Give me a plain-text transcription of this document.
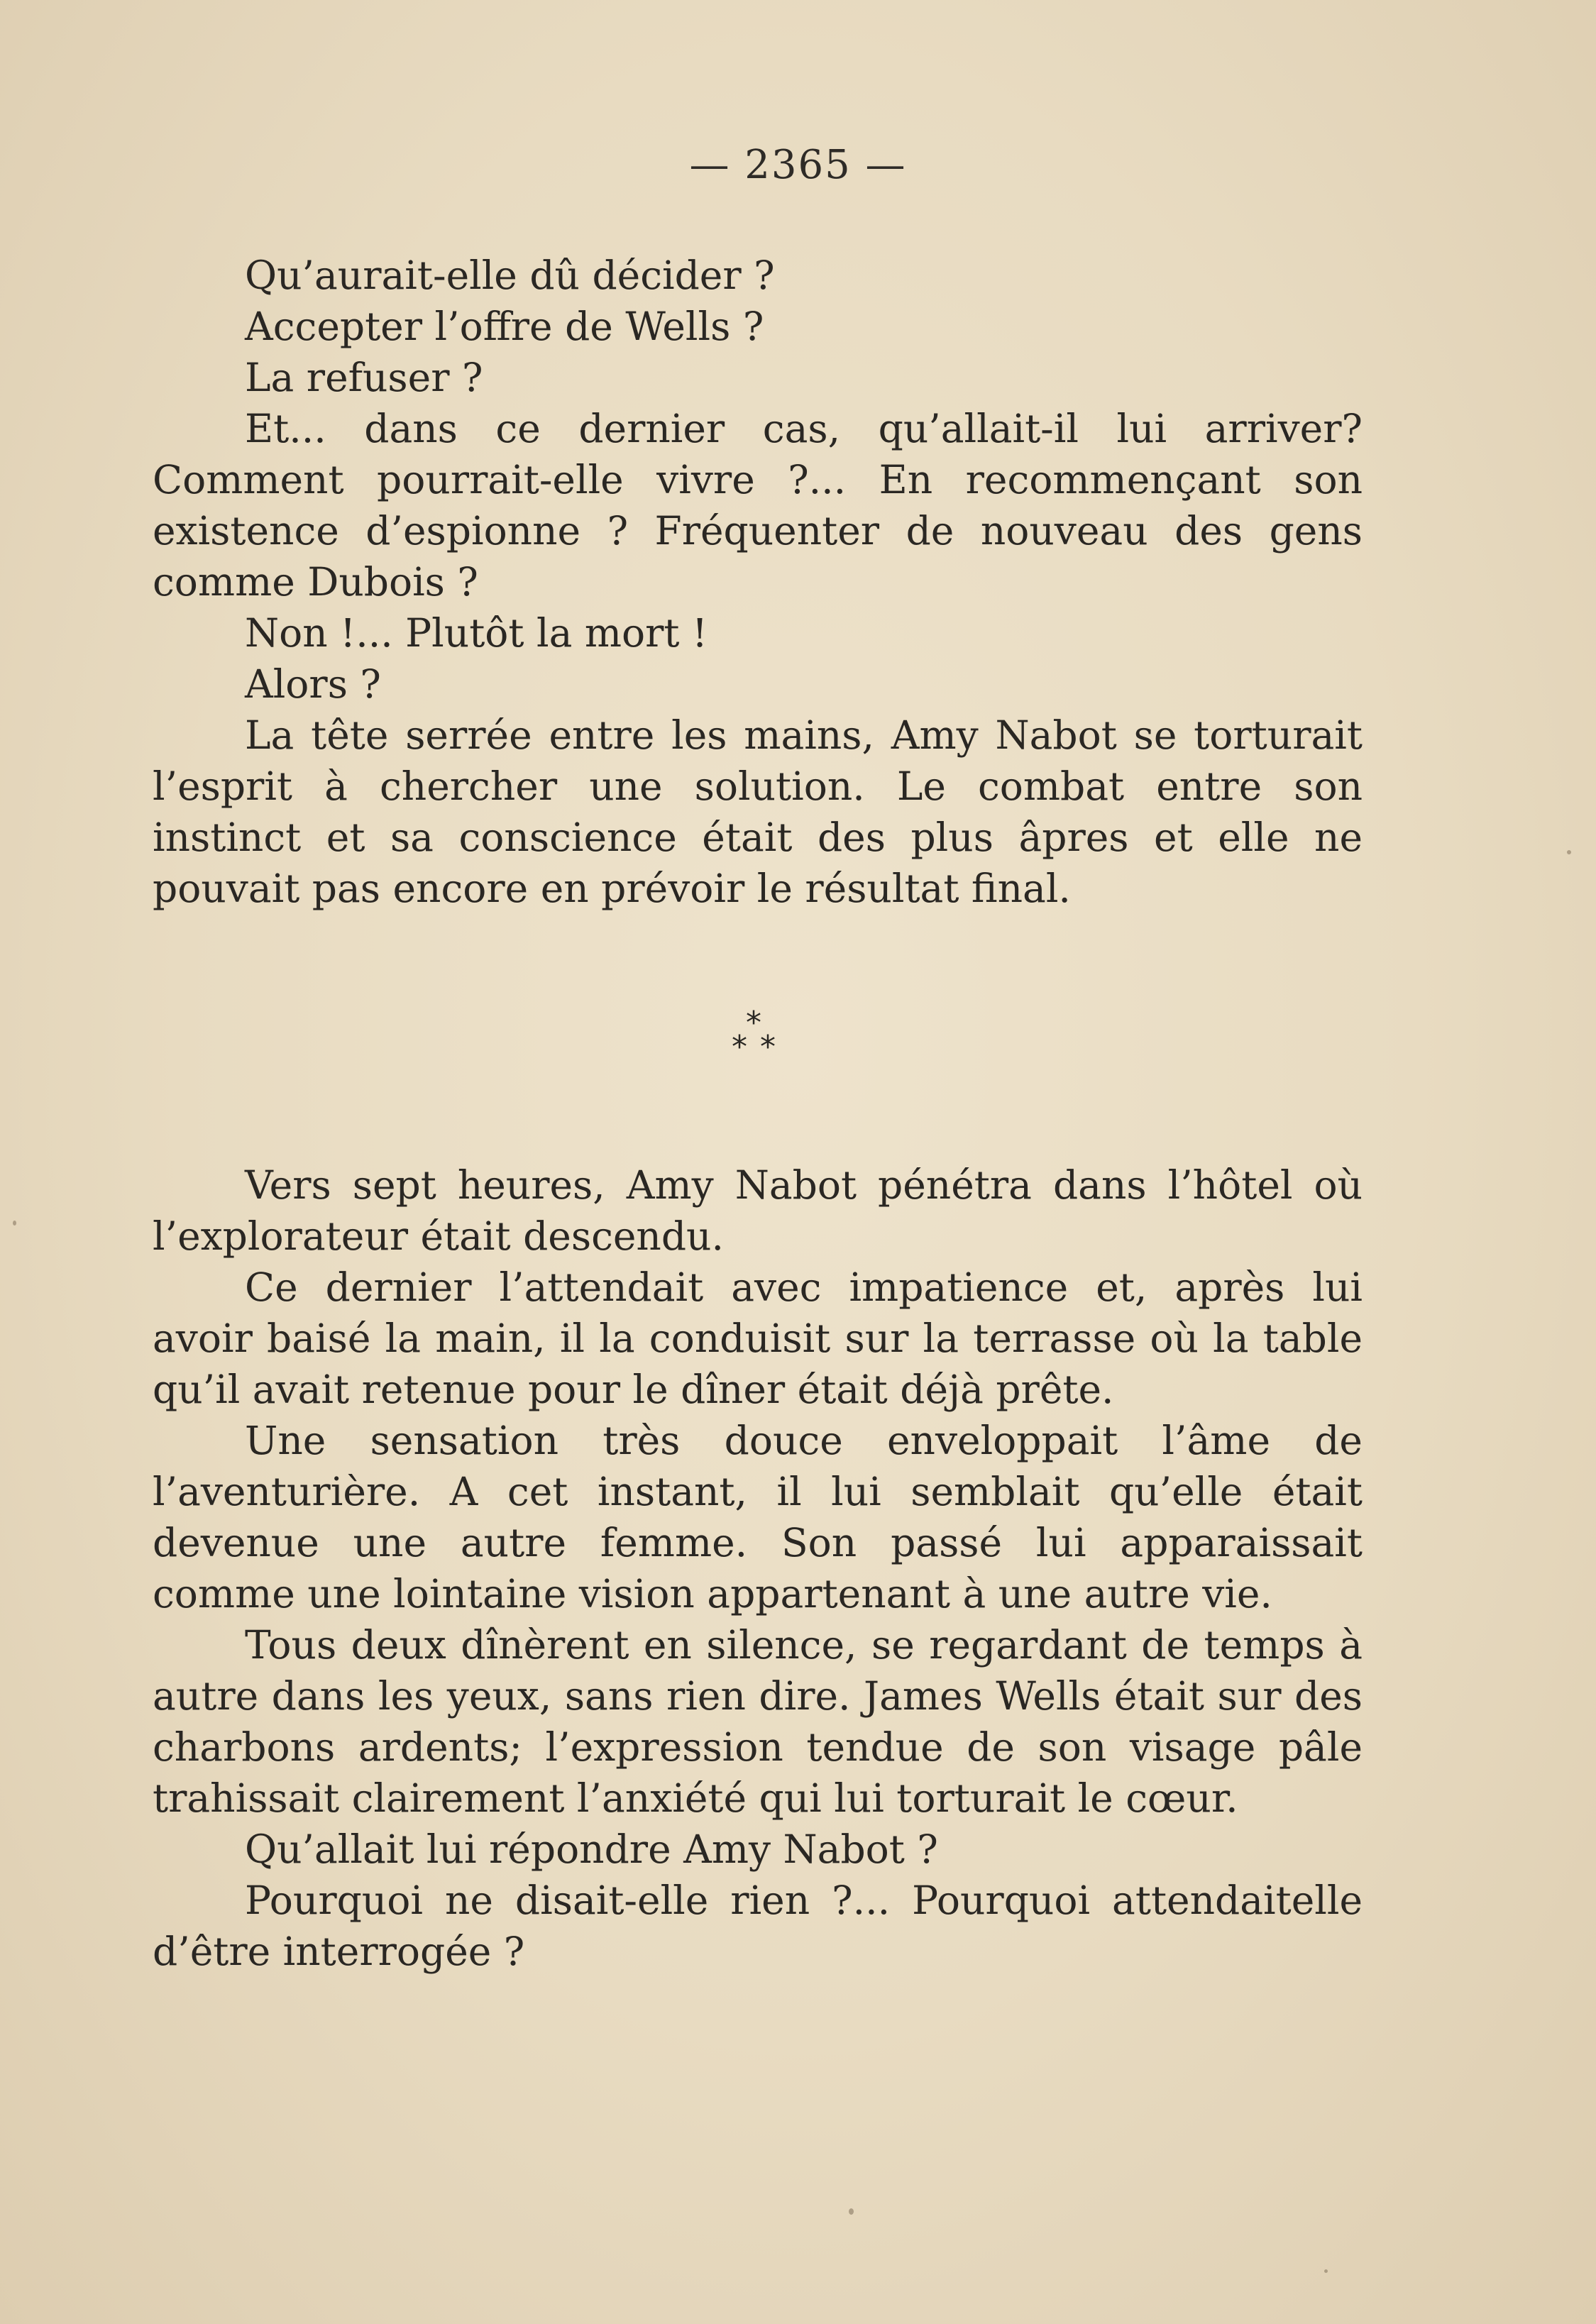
— 2365 —

Qu’aurait-elle dû décider ?

Accepter l’offre de Wells ?

La refuser ?

Et... dans ce dernier cas, qu’allait-il lui arriver? Comment pourrait-elle vivre ?... En recommençant son existence d’espionne ? Fréquenter de nouveau des gens comme Dubois ?

Non !... Plutôt la mort !

Alors ?

La tête serrée entre les mains, Amy Nabot se torturait l’esprit à chercher une solution. Le combat entre son instinct et sa conscience était des plus âpres et elle ne pouvait pas encore en prévoir le résultat final.

*
* *

Vers sept heures, Amy Nabot pénétra dans l’hôtel où l’explorateur était descendu.

Ce dernier l’attendait avec impatience et, après lui avoir baisé la main, il la conduisit sur la terrasse où la table qu’il avait retenue pour le dîner était déjà prête.

Une sensation très douce enveloppait l’âme de l’aventurière. A cet instant, il lui semblait qu’elle était devenue une autre femme. Son passé lui apparaissait comme une lointaine vision appartenant à une autre vie.

Tous deux dînèrent en silence, se regardant de temps à autre dans les yeux, sans rien dire. James Wells était sur des charbons ardents; l’expression tendue de son visage pâle trahissait clairement l’anxiété qui lui torturait le cœur.

Qu’allait lui répondre Amy Nabot ?

Pourquoi ne disait-elle rien ?... Pourquoi attendaitelle d’être interrogée ?
